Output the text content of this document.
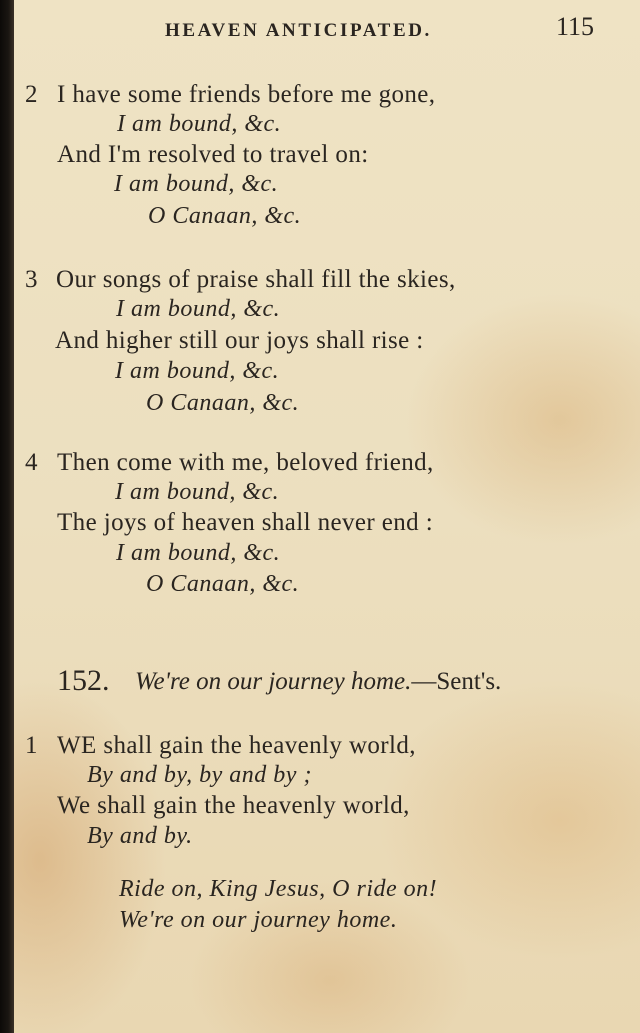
HEAVEN ANTICIPATED.	115
2 I have some friends before me gone,
I am bound, &c.
And I'm resolved to travel on:
I am bound, &c.
O Canaan, &c.
3 Our songs of praise shall fill the skies,
I am bound, &c.
And higher still our joys shall rise :
I am bound, &c.
O Canaan, &c.
4 Then come with me, beloved friend,
I am bound, &c.
The joys of heaven shall never end :
I am bound, &c.
O Canaan, &c.
152. We're on our journey home.—Sent's.
1 WE shall gain the heavenly world,
By and by, by and by ;
We shall gain the heavenly world,
By and by.
Ride on, King Jesus, O ride on!
We're on our journey home.
